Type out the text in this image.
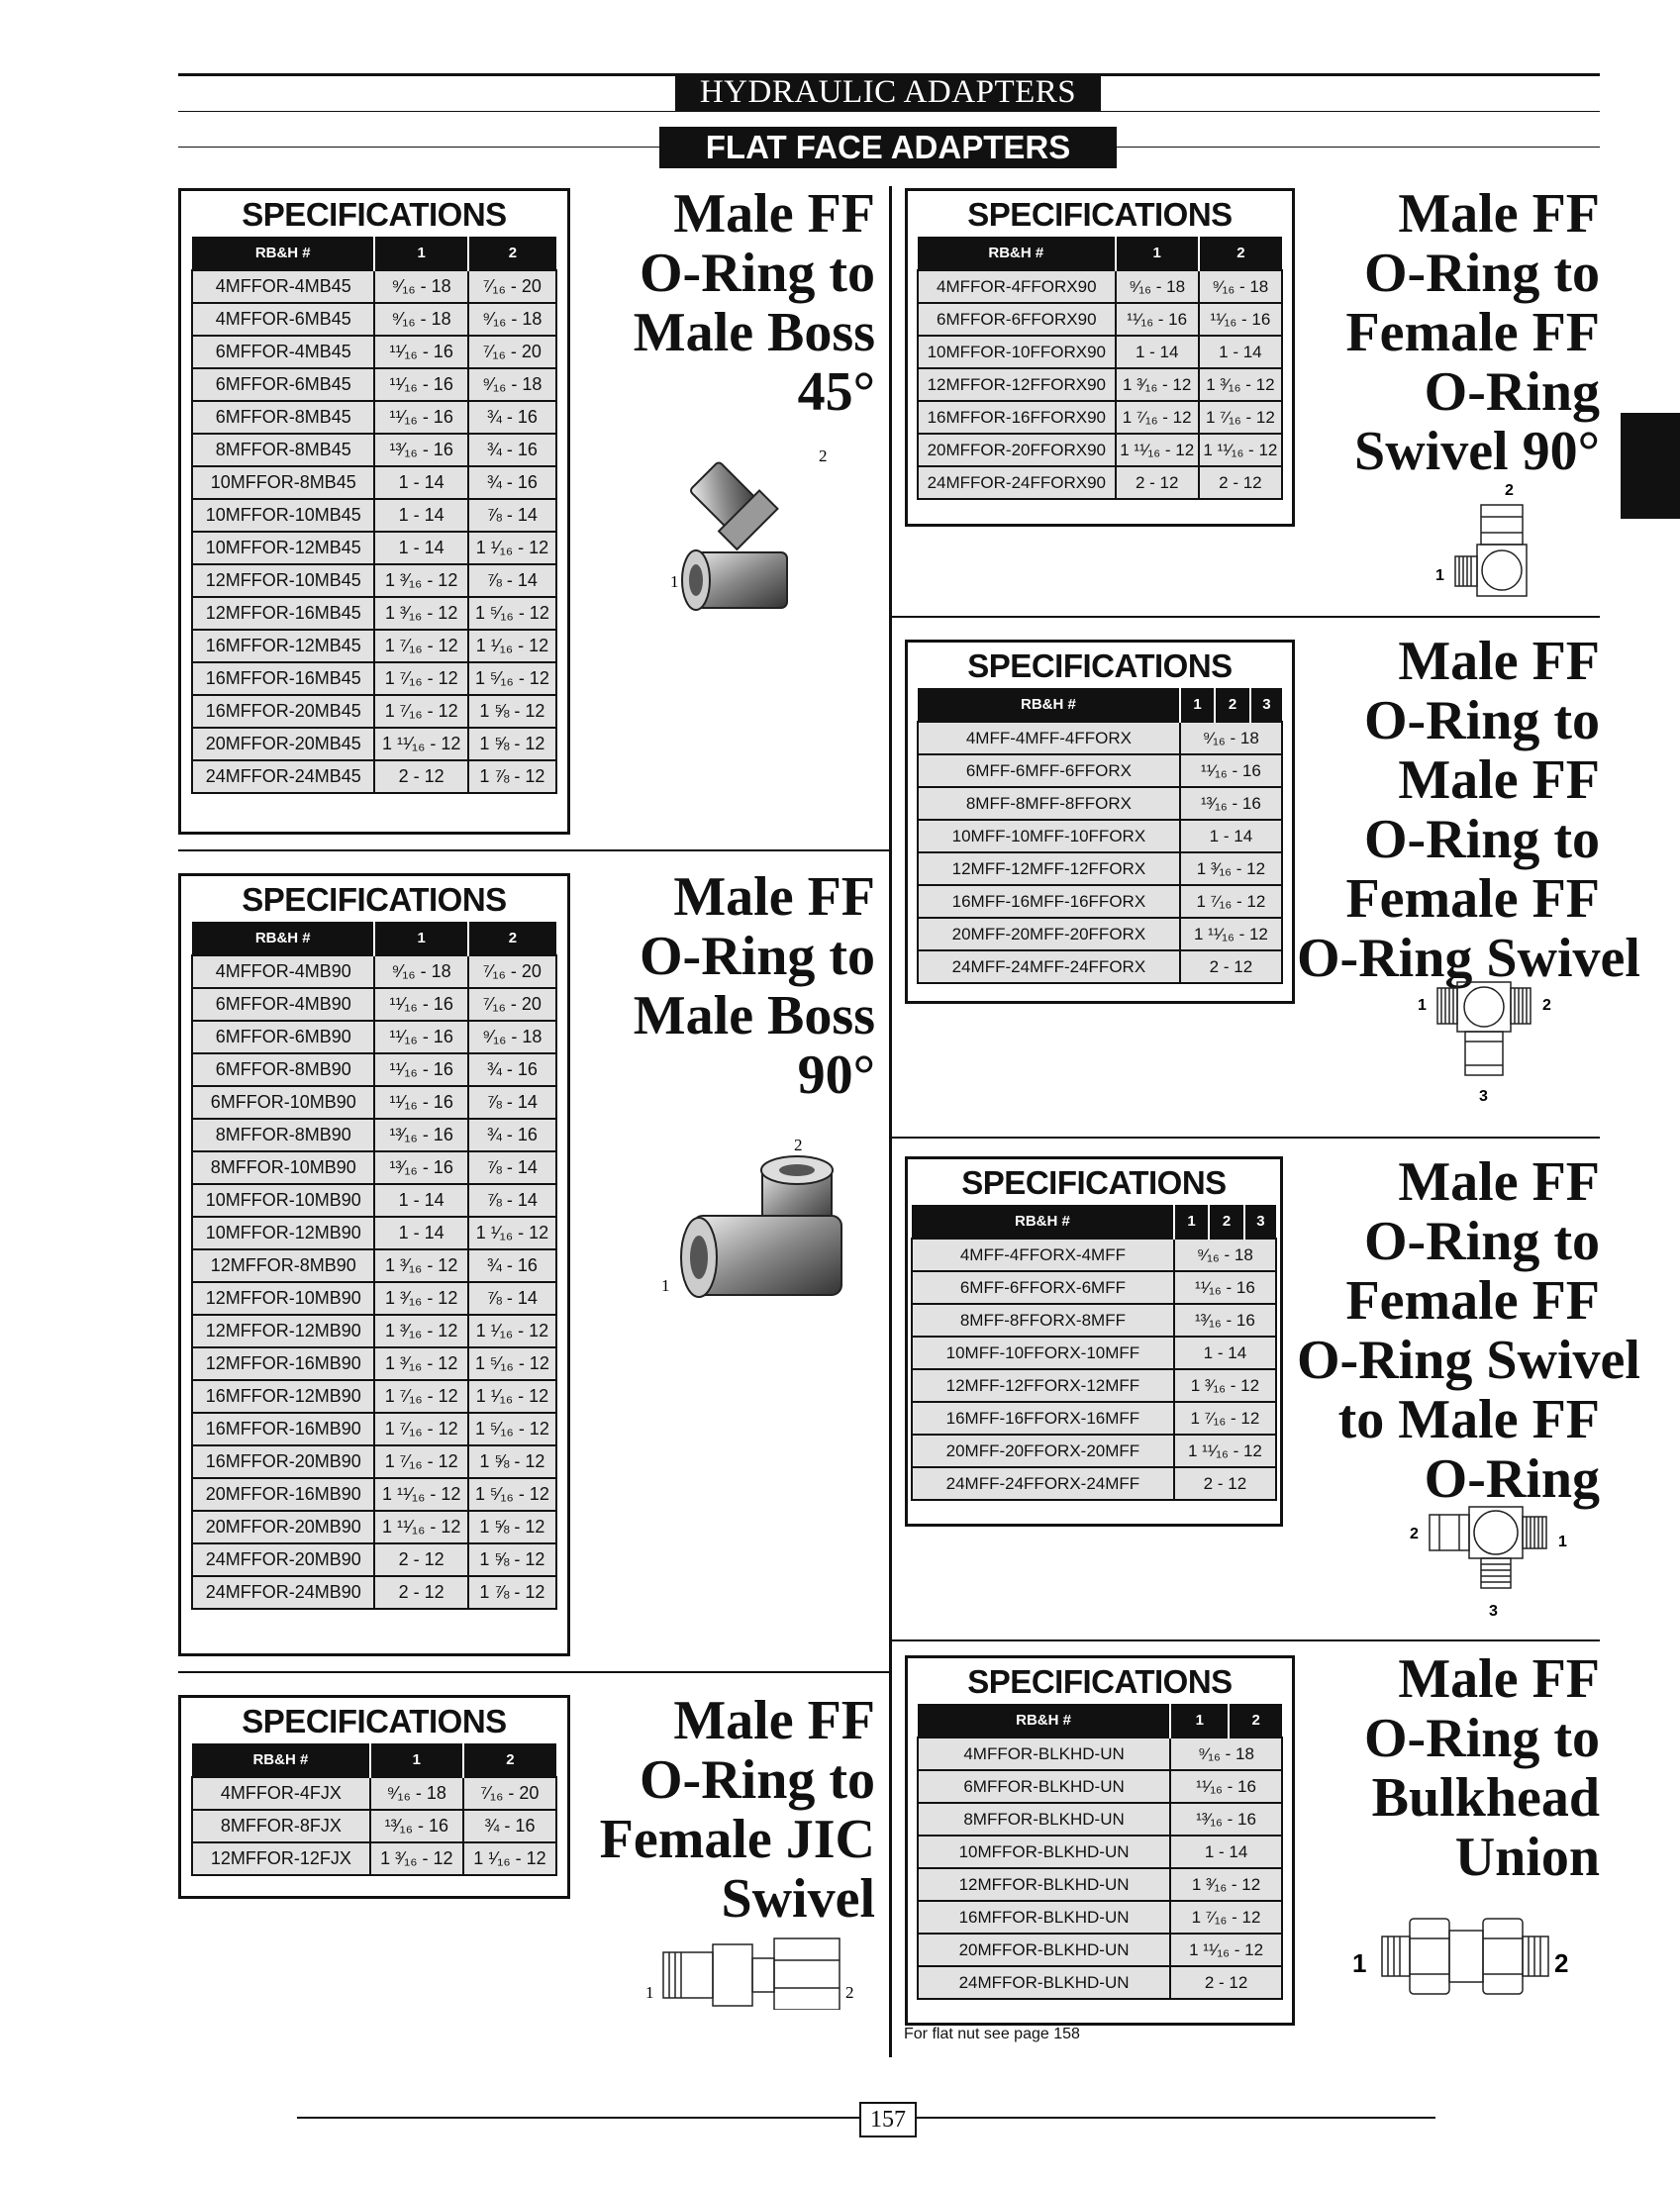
HYDRAULIC ADAPTERS
FLAT FACE ADAPTERS
SPECIFICATIONS
RB&H #	1	2
4MFFOR-4MB45	⁹⁄₁₆ - 18	⁷⁄₁₆ - 20
4MFFOR-6MB45	⁹⁄₁₆ - 18	⁹⁄₁₆ - 18
6MFFOR-4MB45	¹¹⁄₁₆ - 16	⁷⁄₁₆ - 20
6MFFOR-6MB45	¹¹⁄₁₆ - 16	⁹⁄₁₆ - 18
6MFFOR-8MB45	¹¹⁄₁₆ - 16	¾ - 16
8MFFOR-8MB45	¹³⁄₁₆ - 16	¾ - 16
10MFFOR-8MB45	1 - 14	¾ - 16
10MFFOR-10MB45	1 - 14	⅞ - 14
10MFFOR-12MB45	1 - 14	1 ¹⁄₁₆ - 12
12MFFOR-10MB45	1 ³⁄₁₆ - 12	⅞ - 14
12MFFOR-16MB45	1 ³⁄₁₆ - 12	1 ⁵⁄₁₆ - 12
16MFFOR-12MB45	1 ⁷⁄₁₆ - 12	1 ¹⁄₁₆ - 12
16MFFOR-16MB45	1 ⁷⁄₁₆ - 12	1 ⁵⁄₁₆ - 12
16MFFOR-20MB45	1 ⁷⁄₁₆ - 12	1 ⅝ - 12
20MFFOR-20MB45	1 ¹¹⁄₁₆ - 12	1 ⅝ - 12
24MFFOR-24MB45	2 - 12	1 ⅞ - 12
Male FF
O-Ring to
Male Boss
45°
2
1
SPECIFICATIONS
RB&H #	1	2
4MFFOR-4MB90	⁹⁄₁₆ - 18	⁷⁄₁₆ - 20
6MFFOR-4MB90	¹¹⁄₁₆ - 16	⁷⁄₁₆ - 20
6MFFOR-6MB90	¹¹⁄₁₆ - 16	⁹⁄₁₆ - 18
6MFFOR-8MB90	¹¹⁄₁₆ - 16	¾ - 16
6MFFOR-10MB90	¹¹⁄₁₆ - 16	⅞ - 14
8MFFOR-8MB90	¹³⁄₁₆ - 16	¾ - 16
8MFFOR-10MB90	¹³⁄₁₆ - 16	⅞ - 14
10MFFOR-10MB90	1 - 14	⅞ - 14
10MFFOR-12MB90	1 - 14	1 ¹⁄₁₆ - 12
12MFFOR-8MB90	1 ³⁄₁₆ - 12	¾ - 16
12MFFOR-10MB90	1 ³⁄₁₆ - 12	⅞ - 14
12MFFOR-12MB90	1 ³⁄₁₆ - 12	1 ¹⁄₁₆ - 12
12MFFOR-16MB90	1 ³⁄₁₆ - 12	1 ⁵⁄₁₆ - 12
16MFFOR-12MB90	1 ⁷⁄₁₆ - 12	1 ¹⁄₁₆ - 12
16MFFOR-16MB90	1 ⁷⁄₁₆ - 12	1 ⁵⁄₁₆ - 12
16MFFOR-20MB90	1 ⁷⁄₁₆ - 12	1 ⅝ - 12
20MFFOR-16MB90	1 ¹¹⁄₁₆ - 12	1 ⁵⁄₁₆ - 12
20MFFOR-20MB90	1 ¹¹⁄₁₆ - 12	1 ⅝ - 12
24MFFOR-20MB90	2 - 12	1 ⅝ - 12
24MFFOR-24MB90	2 - 12	1 ⅞ - 12
Male FF
O-Ring to
Male Boss
90°
2
1
SPECIFICATIONS
RB&H #	1	2
4MFFOR-4FJX	⁹⁄₁₆ - 18	⁷⁄₁₆ - 20
8MFFOR-8FJX	¹³⁄₁₆ - 16	¾ - 16
12MFFOR-12FJX	1 ³⁄₁₆ - 12	1 ¹⁄₁₆ - 12
Male FF
O-Ring to
Female JIC
Swivel
1	2
SPECIFICATIONS
RB&H #	1	2
4MFFOR-4FFORX90	⁹⁄₁₆ - 18	⁹⁄₁₆ - 18
6MFFOR-6FFORX90	¹¹⁄₁₆ - 16	¹¹⁄₁₆ - 16
10MFFOR-10FFORX90	1 - 14	1 - 14
12MFFOR-12FFORX90	1 ³⁄₁₆ - 12	1 ³⁄₁₆ - 12
16MFFOR-16FFORX90	1 ⁷⁄₁₆ - 12	1 ⁷⁄₁₆ - 12
20MFFOR-20FFORX90	1 ¹¹⁄₁₆ - 12	1 ¹¹⁄₁₆ - 12
24MFFOR-24FFORX90	2 - 12	2 - 12
Male FF
O-Ring to
Female FF
O-Ring
Swivel 90°
2
1
SPECIFICATIONS
RB&H #	1	2	3
4MFF-4MFF-4FFORX	⁹⁄₁₆ - 18		
6MFF-6MFF-6FFORX	¹¹⁄₁₆ - 16		
8MFF-8MFF-8FFORX	¹³⁄₁₆ - 16		
10MFF-10MFF-10FFORX	1 - 14		
12MFF-12MFF-12FFORX	1 ³⁄₁₆ - 12		
16MFF-16MFF-16FFORX	1 ⁷⁄₁₆ - 12		
20MFF-20MFF-20FFORX	1 ¹¹⁄₁₆ - 12		
24MFF-24MFF-24FFORX	2 - 12		
Male FF
O-Ring to
Male FF
O-Ring to
Female FF
O-Ring Swivel
1	2
3
SPECIFICATIONS
RB&H #	1	2	3
4MFF-4FFORX-4MFF	⁹⁄₁₆ - 18		
6MFF-6FFORX-6MFF	¹¹⁄₁₆ - 16		
8MFF-8FFORX-8MFF	¹³⁄₁₆ - 16		
10MFF-10FFORX-10MFF	1 - 14		
12MFF-12FFORX-12MFF	1 ³⁄₁₆ - 12		
16MFF-16FFORX-16MFF	1 ⁷⁄₁₆ - 12		
20MFF-20FFORX-20MFF	1 ¹¹⁄₁₆ - 12		
24MFF-24FFORX-24MFF	2 - 12		
Male FF
O-Ring to
Female FF
O-Ring Swivel
to Male FF
O-Ring
2	1
3
SPECIFICATIONS
RB&H #	1	2
4MFFOR-BLKHD-UN	⁹⁄₁₆ - 18	
6MFFOR-BLKHD-UN	¹¹⁄₁₆ - 16	
8MFFOR-BLKHD-UN	¹³⁄₁₆ - 16	
10MFFOR-BLKHD-UN	1 - 14	
12MFFOR-BLKHD-UN	1 ³⁄₁₆ - 12	
16MFFOR-BLKHD-UN	1 ⁷⁄₁₆ - 12	
20MFFOR-BLKHD-UN	1 ¹¹⁄₁₆ - 12	
24MFFOR-BLKHD-UN	2 - 12	
Male FF
O-Ring to
Bulkhead
Union
1	2
For flat nut see page 158
157
